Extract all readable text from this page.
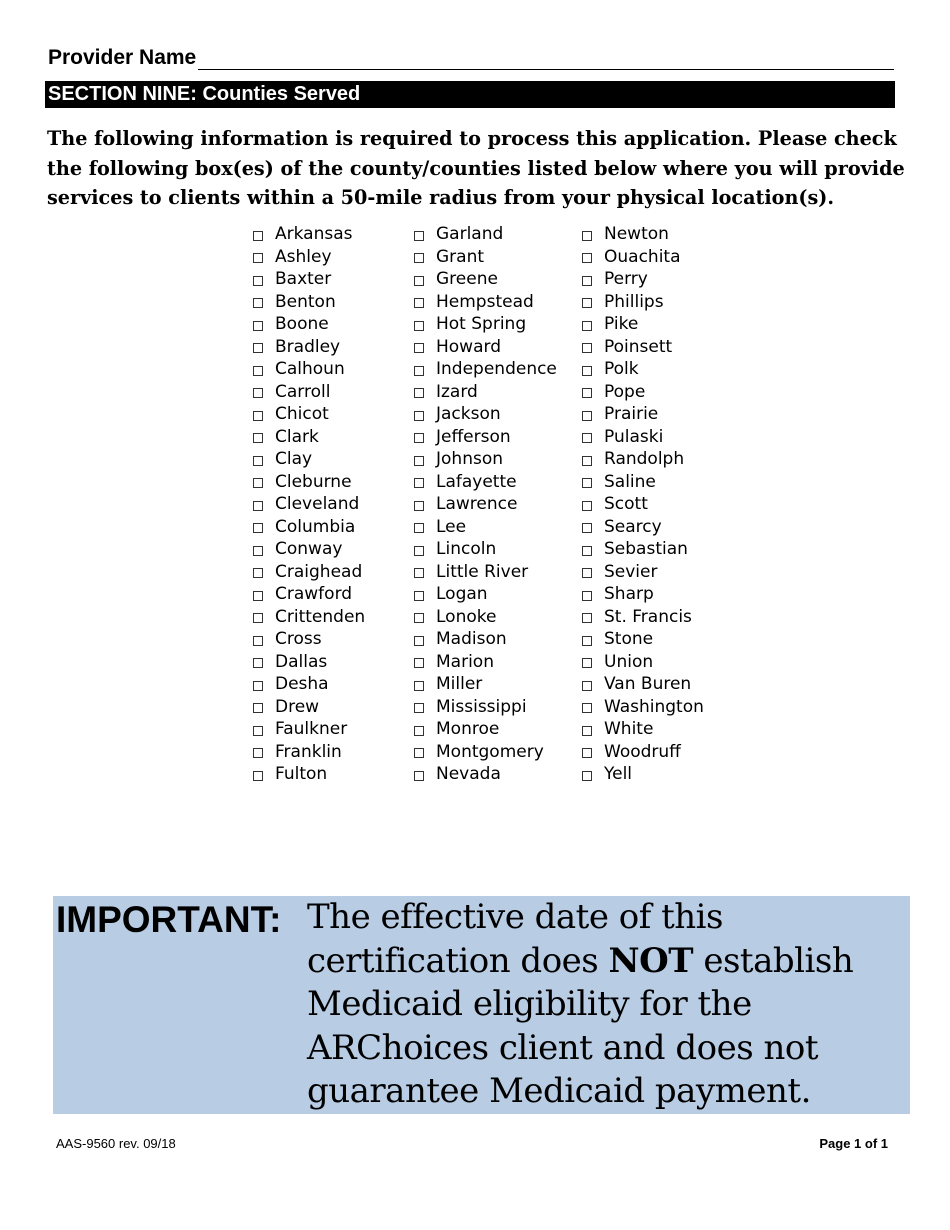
Provider Name
SECTION NINE: Counties Served

The following information is required to process this application. Please check the following box(es) of the county/counties listed below where you will provide services to clients within a 50-mile radius from your physical location(s).

Arkansas
Ashley
Baxter
Benton
Boone
Bradley
Calhoun
Carroll
Chicot
Clark
Clay
Cleburne
Cleveland
Columbia
Conway
Craighead
Crawford
Crittenden
Cross
Dallas
Desha
Drew
Faulkner
Franklin
Fulton
Garland
Grant
Greene
Hempstead
Hot Spring
Howard
Independence
Izard
Jackson
Jefferson
Johnson
Lafayette
Lawrence
Lee
Lincoln
Little River
Logan
Lonoke
Madison
Marion
Miller
Mississippi
Monroe
Montgomery
Nevada
Newton
Ouachita
Perry
Phillips
Pike
Poinsett
Polk
Pope
Prairie
Pulaski
Randolph
Saline
Scott
Searcy
Sebastian
Sevier
Sharp
St. Francis
Stone
Union
Van Buren
Washington
White
Woodruff
Yell
IMPORTANT: The effective date of this certification does NOT establish Medicaid eligibility for the ARChoices client and does not guarantee Medicaid payment.
AAS-9560 rev. 09/18	Page 1 of 1
